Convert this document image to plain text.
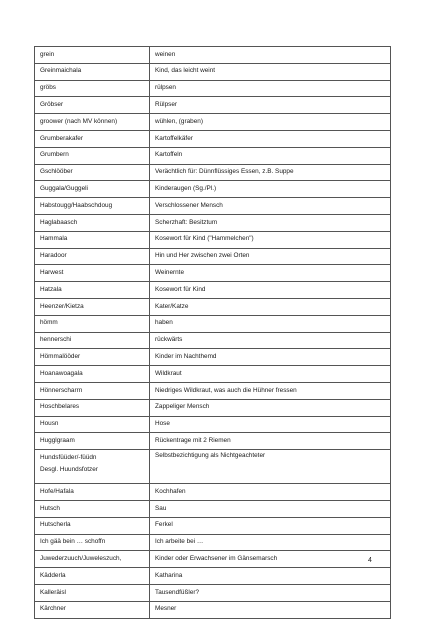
grein	weinen
Greinmaichala	Kind, das leicht weint
gröbs	rülpsen
Gröbser	Rülpser
groower (nach MV können)	wühlen, (graben)
Grumberakafer	Kartoffelkäfer
Grumbern	Kartoffeln
Gschlööber	Verächtlich für: Dünnflüssiges Essen, z.B. Suppe
Guggala/Guggeli	Kinderaugen (Sg./Pl.)
Habstougg/Haabschdoug	Verschlossener Mensch
Haglabaasch	Scherzhaft: Besitztum
Hammala	Kosewort für Kind ("Hammelchen")
Haradoor	Hin und Her zwischen zwei Orten
Harwest	Weinernte
Hatzala	Kosewort für Kind
Heenzer/Kietza	Kater/Katze
hömm	haben
hennerschi	rückwärts
Hömmalööder	Kinder im Nachthemd
Hoanawoagala	Wildkraut
Hönnerscharrn	Niedriges Wildkraut, was auch die Hühner fressen
Hoschbelares	Zappeliger Mensch
Housn	Hose
Hugglgraam	Rückentrage mit 2 Riemen

Hundsfüüder/-füüdn
Desgl. Huundsfotzer	Selbstbezichtigung als Nichtgeachteter
Hofe/Hafala	Kochhafen
Hutsch	Sau
Hutscherla	Ferkel
Ich gää bein … schoffn	Ich arbeite bei …
Juwederzuuch/Juweleszuch,	Kinder oder Erwachsener im Gänsemarsch
Kädderla	Katharina
Kalleräisl	Tausendfüßler?
Kärchner	Mesner
4
